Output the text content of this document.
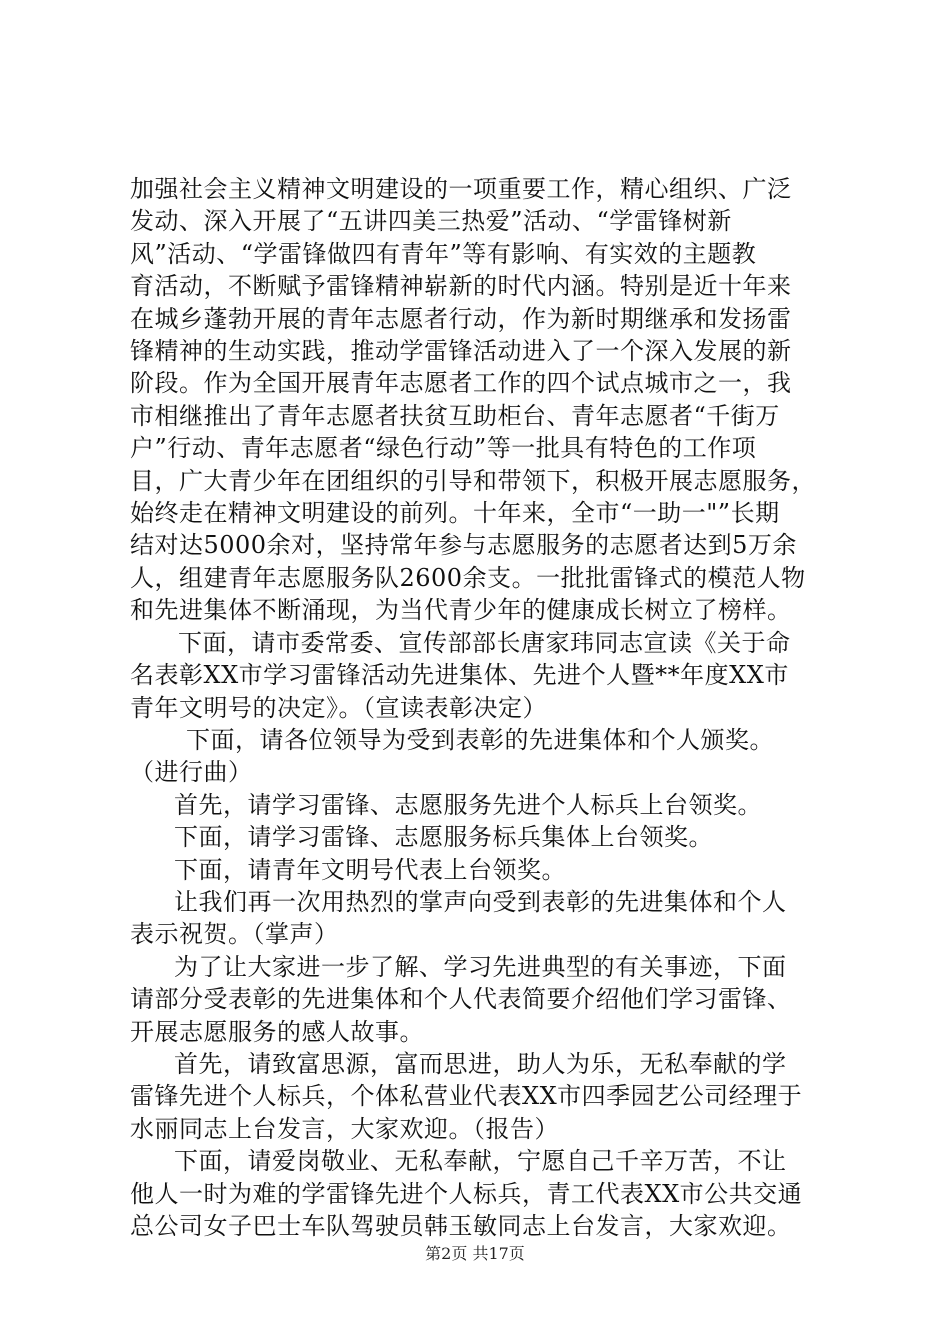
加强社会主义精神文明建设的一项重要工作，精心组织、广泛

发动、深入开展了“五讲四美三热爱”活动、“学雷锋树新

风”活动、“学雷锋做四有青年”等有影响、有实效的主题教

育活动，不断赋予雷锋精神崭新的时代内涵。特别是近十年来

在城乡蓬勃开展的青年志愿者行动，作为新时期继承和发扬雷

锋精神的生动实践，推动学雷锋活动进入了一个深入发展的新

阶段。作为全国开展青年志愿者工作的四个试点城市之一，我

市相继推出了青年志愿者扶贫互助柜台、青年志愿者“千街万

户”行动、青年志愿者“绿色行动”等一批具有特色的工作项

目，广大青少年在团组织的引导和带领下，积极开展志愿服务，

始终走在精神文明建设的前列。十年来，全市“一助一"”长期

结对达5000余对，坚持常年参与志愿服务的志愿者达到5万余

人，组建青年志愿服务队2600余支。一批批雷锋式的模范人物

和先进集体不断涌现，为当代青少年的健康成长树立了榜样。

下面，请市委常委、宣传部部长唐家玮同志宣读《关于命

名表彰XX市学习雷锋活动先进集体、先进个人暨**年度XX市

青年文明号的决定》。（宣读表彰决定）

下面，请各位领导为受到表彰的先进集体和个人颁奖。

（进行曲）

首先，请学习雷锋、志愿服务先进个人标兵上台领奖。

下面，请学习雷锋、志愿服务标兵集体上台领奖。

下面，请青年文明号代表上台领奖。

让我们再一次用热烈的掌声向受到表彰的先进集体和个人

表示祝贺。（掌声）

为了让大家进一步了解、学习先进典型的有关事迹，下面

请部分受表彰的先进集体和个人代表简要介绍他们学习雷锋、

开展志愿服务的感人故事。

首先，请致富思源，富而思进，助人为乐，无私奉献的学

雷锋先进个人标兵，个体私营业代表XX市四季园艺公司经理于

水丽同志上台发言，大家欢迎。（报告）

下面，请爱岗敬业、无私奉献，宁愿自己千辛万苦，不让

他人一时为难的学雷锋先进个人标兵，青工代表XX市公共交通

总公司女子巴士车队驾驶员韩玉敏同志上台发言，大家欢迎。

第2页 共17页
